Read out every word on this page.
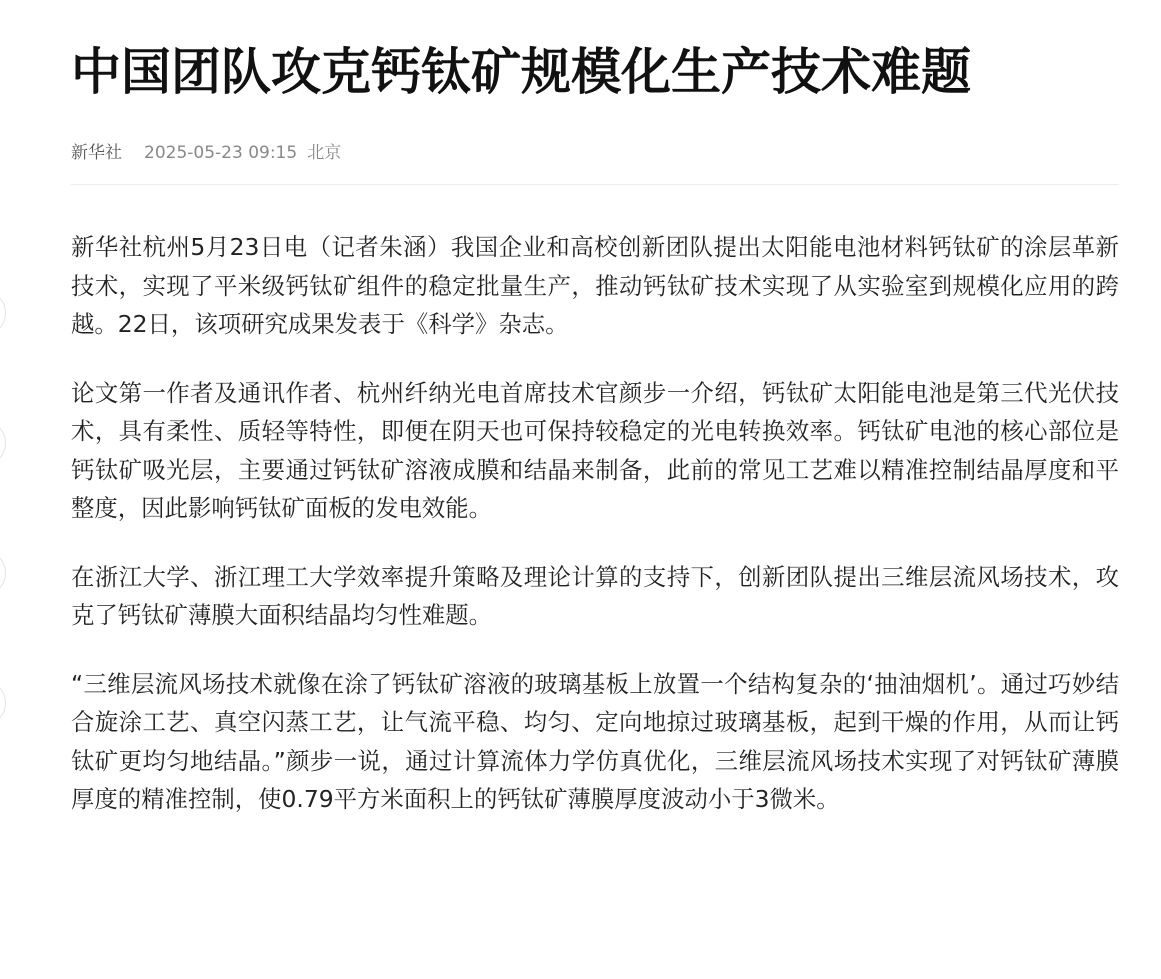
中国团队攻克钙钛矿规模化生产技术难题
新华社 2025-05-23 09:15 北京

新华社杭州5月23日电（记者朱涵）我国企业和高校创新团队提出太阳能电池材料钙钛矿的涂层革新技术，实现了平米级钙钛矿组件的稳定批量生产，推动钙钛矿技术实现了从实验室到规模化应用的跨越。22日，该项研究成果发表于《科学》杂志。

论文第一作者及通讯作者、杭州纤纳光电首席技术官颜步一介绍，钙钛矿太阳能电池是第三代光伏技术，具有柔性、质轻等特性，即便在阴天也可保持较稳定的光电转换效率。钙钛矿电池的核心部位是钙钛矿吸光层，主要通过钙钛矿溶液成膜和结晶来制备，此前的常见工艺难以精准控制结晶厚度和平整度，因此影响钙钛矿面板的发电效能。

在浙江大学、浙江理工大学效率提升策略及理论计算的支持下，创新团队提出三维层流风场技术，攻克了钙钛矿薄膜大面积结晶均匀性难题。

“三维层流风场技术就像在涂了钙钛矿溶液的玻璃基板上放置一个结构复杂的‘抽油烟机’。通过巧妙结合旋涂工艺、真空闪蒸工艺，让气流平稳、均匀、定向地掠过玻璃基板，起到干燥的作用，从而让钙钛矿更均匀地结晶。”颜步一说，通过计算流体力学仿真优化，三维层流风场技术实现了对钙钛矿薄膜厚度的精准控制，使0.79平方米面积上的钙钛矿薄膜厚度波动小于3微米。
